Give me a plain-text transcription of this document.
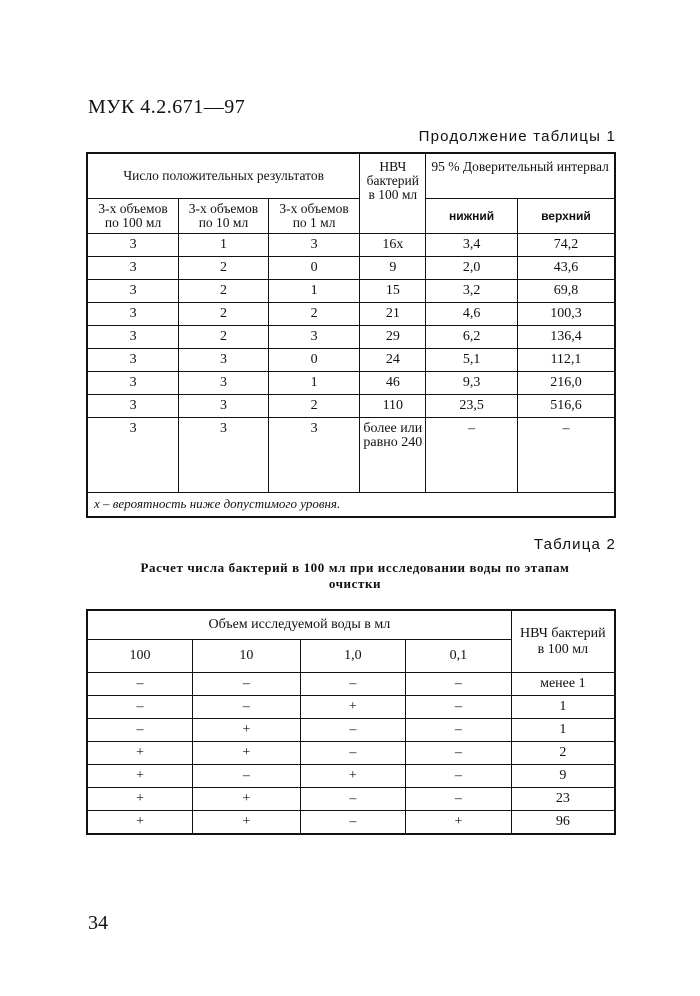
МУК 4.2.671—97
Продолжение таблицы 1
Число положительных результатов			НВЧ бактерий в 100 мл	95 % Доверительный интервал	
3-х объемов по 100 мл	3-х объемов по 10 мл	3-х объемов по 1 мл		нижний	верхний
3	1	3	16x	3,4	74,2
3	2	0	9	2,0	43,6
3	2	1	15	3,2	69,8
3	2	2	21	4,6	100,3
3	2	3	29	6,2	136,4
3	3	0	24	5,1	112,1
3	3	1	46	9,3	216,0
3	3	2	110	23,5	516,6
3	3	3	более или равно 240	–	–
x – вероятность ниже допустимого уровня.					
Таблица 2
Расчет числа бактерий в 100 мл при исследовании воды по этапам очистки
Объем исследуемой воды в мл				НВЧ бактерий в 100 мл
100	10	1,0	0,1	
–	–	–	–	менее 1
–	–	+	–	1
–	+	–	–	1
+	+	–	–	2
+	–	+	–	9
+	+	–	–	23
+	+	–	+	96
34
